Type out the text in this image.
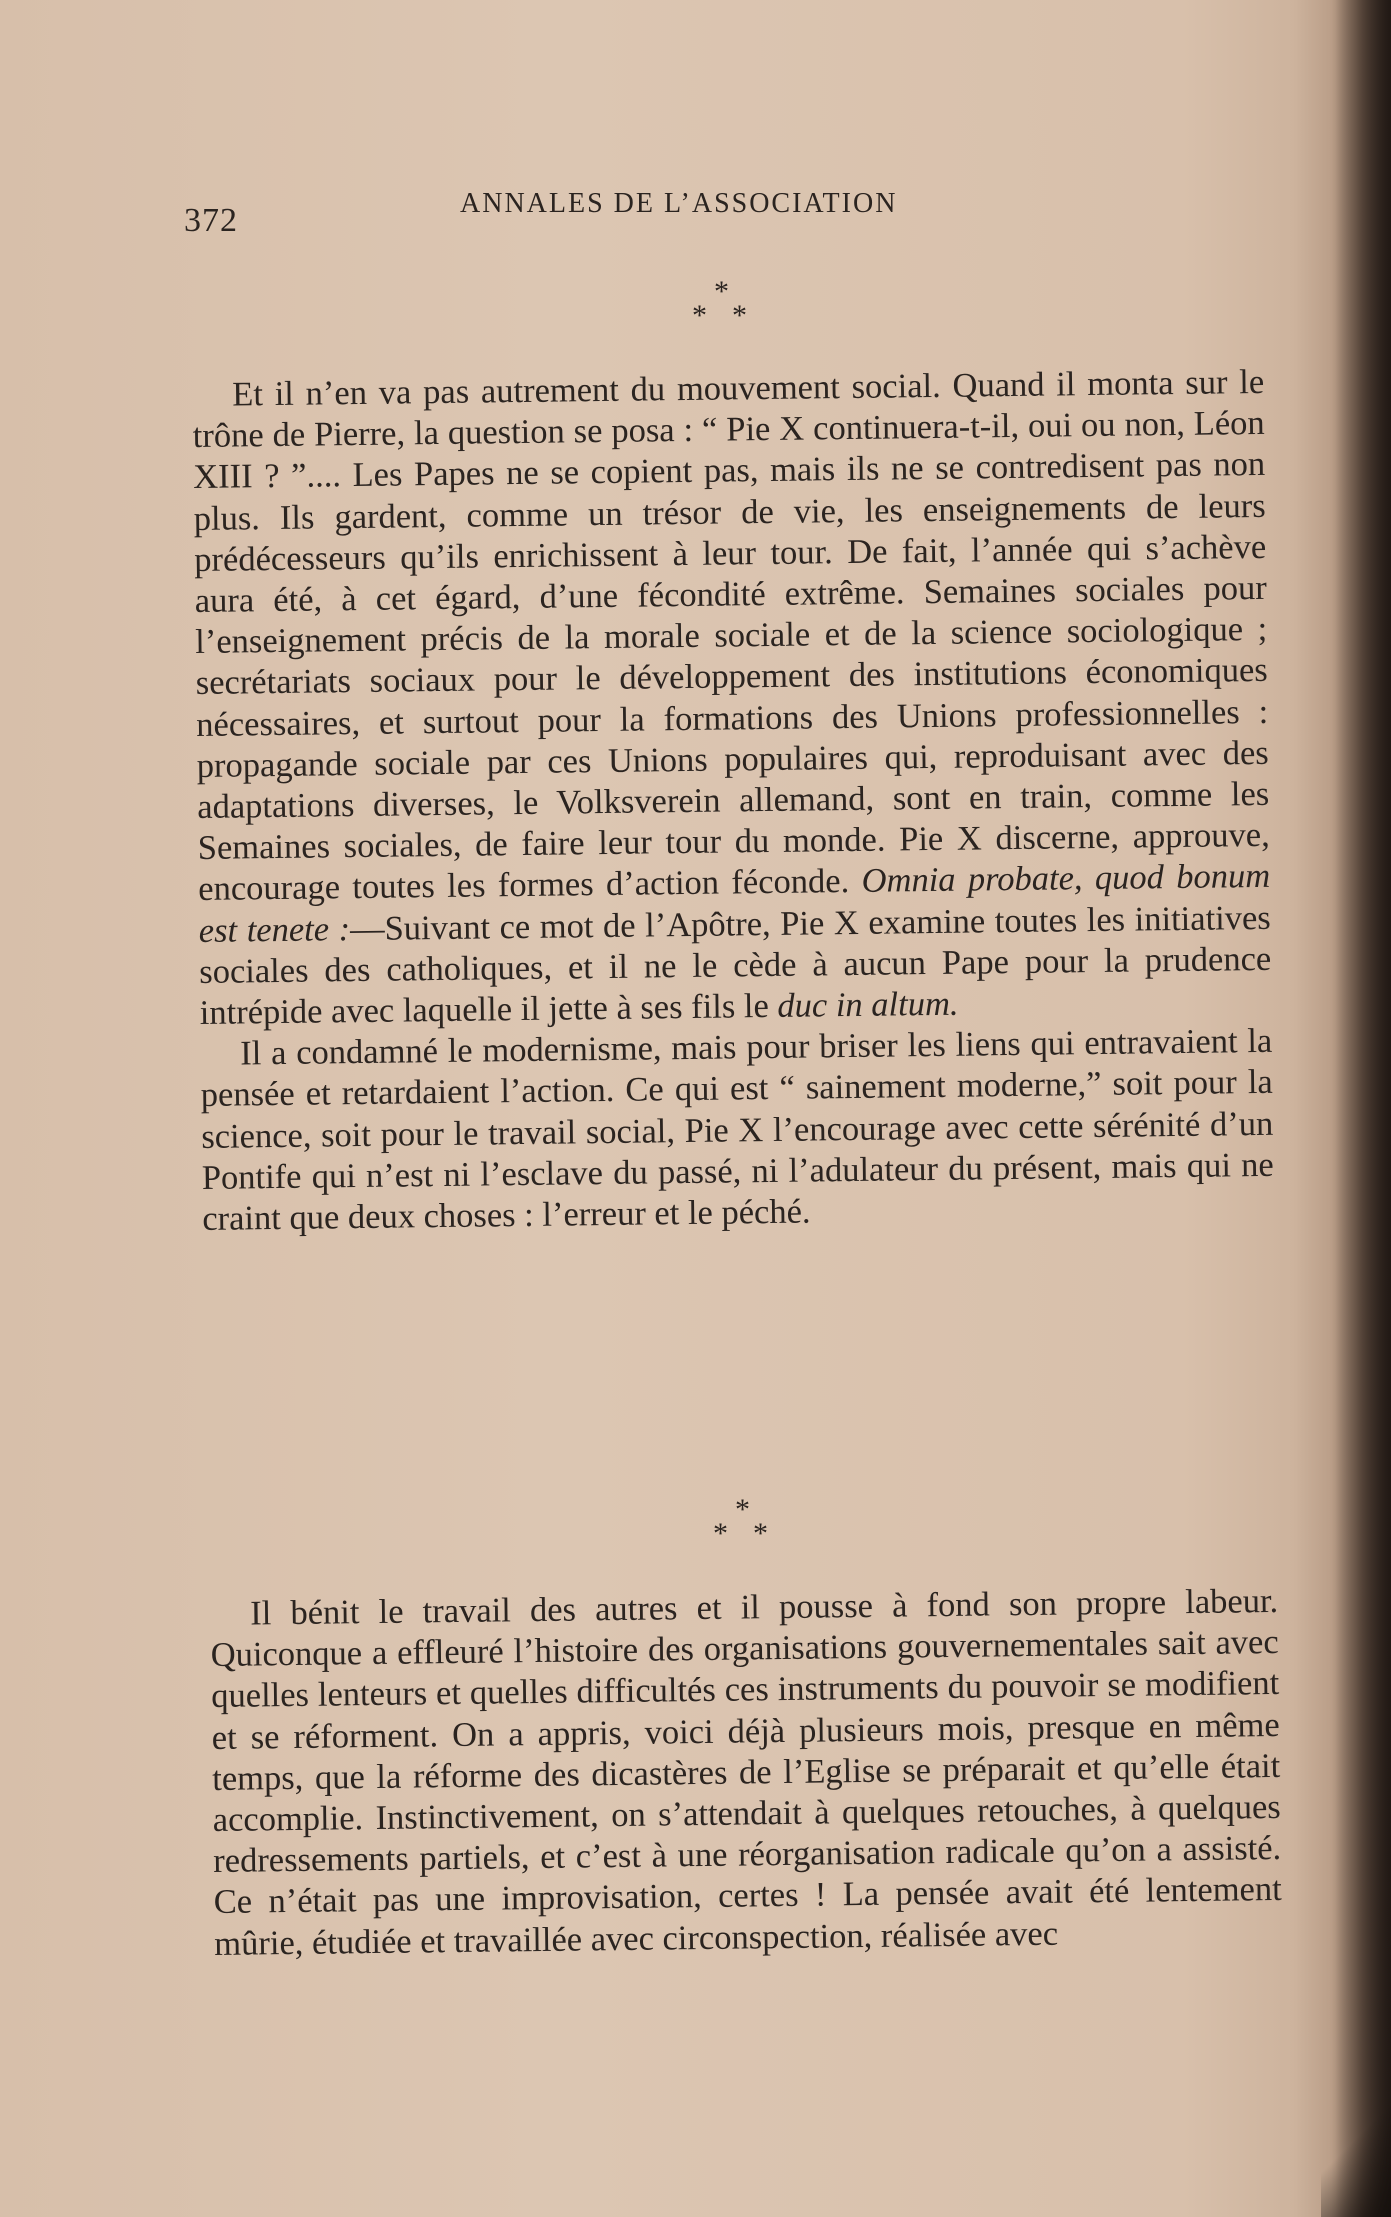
372	ANNALES DE L’ASSOCIATION
*
* *

Et il n’en va pas autrement du mouvement social. Quand il monta sur le trône de Pierre, la question se posa : “ Pie X continuera-t-il, oui ou non, Léon XIII ? ”.... Les Papes ne se copient pas, mais ils ne se contredisent pas non plus. Ils gardent, comme un trésor de vie, les enseignements de leurs prédécesseurs qu’ils enrichissent à leur tour. De fait, l’année qui s’achève aura été, à cet égard, d’une fécondité extrême. Semaines sociales pour l’enseignement précis de la morale sociale et de la science sociologique ; secrétariats sociaux pour le développement des institutions économiques nécessaires, et surtout pour la formations des Unions professionnelles : propagande sociale par ces Unions populaires qui, reproduisant avec des adaptations diverses, le Volksverein allemand, sont en train, comme les Semaines sociales, de faire leur tour du monde. Pie X discerne, approuve, encourage toutes les formes d’action féconde. Omnia probate, quod bonum est tenete :—Suivant ce mot de l’Apôtre, Pie X examine toutes les initiatives sociales des catholiques, et il ne le cède à aucun Pape pour la prudence intrépide avec laquelle il jette à ses fils le duc in altum.

Il a condamné le modernisme, mais pour briser les liens qui entravaient la pensée et retardaient l’action. Ce qui est “ sainement moderne,” soit pour la science, soit pour le travail social, Pie X l’encourage avec cette sérénité d’un Pontife qui n’est ni l’esclave du passé, ni l’adulateur du présent, mais qui ne craint que deux choses : l’erreur et le péché.

*
* *

Il bénit le travail des autres et il pousse à fond son propre labeur. Quiconque a effleuré l’histoire des organisations gouvernementales sait avec quelles lenteurs et quelles difficultés ces instruments du pouvoir se modifient et se réforment. On a appris, voici déjà plusieurs mois, presque en même temps, que la réforme des dicastères de l’Eglise se préparait et qu’elle était accomplie. Instinctivement, on s’attendait à quelques retouches, à quelques redressements partiels, et c’est à une réorganisation radicale qu’on a assisté. Ce n’était pas une improvisation, certes ! La pensée avait été lentement mûrie, étudiée et travaillée avec circonspection, réalisée avec
